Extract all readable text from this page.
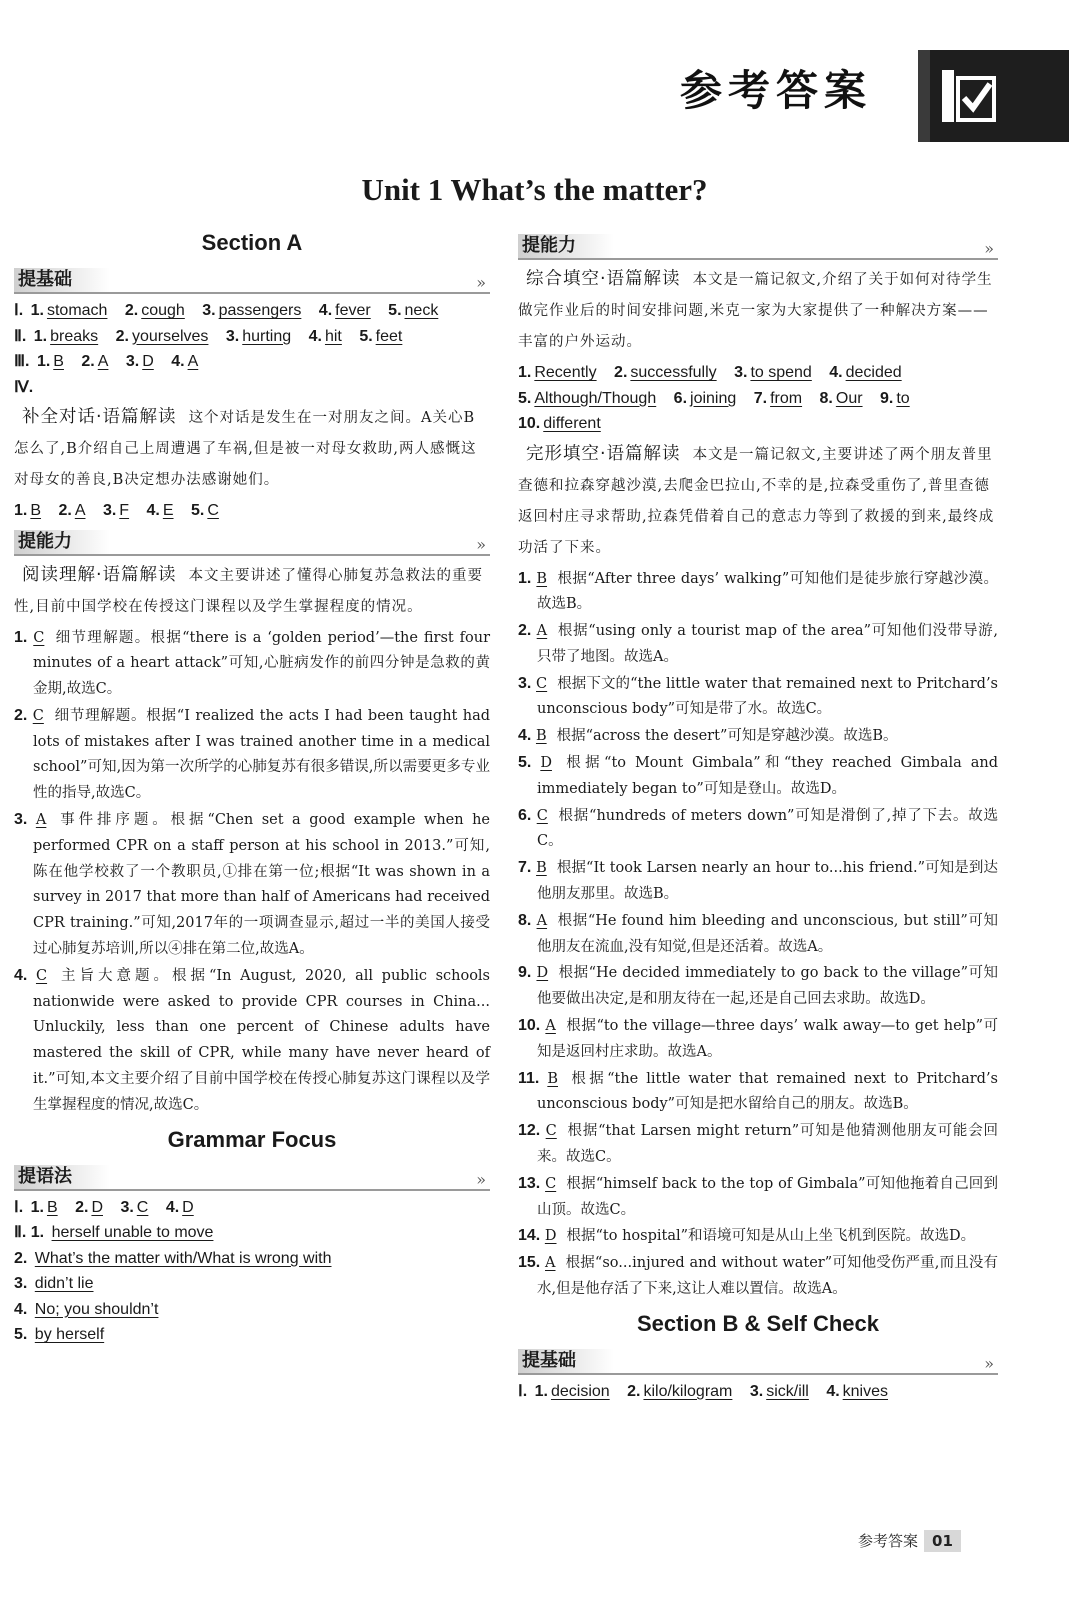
参考答案
Unit 1 What’s the matter?
Section A
提基础	»
Ⅰ. 1. stomach 2. cough 3. passengers 4. fever 5. neck
Ⅱ. 1. breaks 2. yourselves 3. hurting 4. hit 5. feet
Ⅲ. 1. B 2. A 3. D 4. A
Ⅳ.
补全对话·语篇解读 这个对话是发生在一对朋友之间。A关心B怎么了,B介绍自己上周遭遇了车祸,但是被一对母女救助,两人感慨这对母女的善良,B决定想办法感谢她们。
1. B 2. A 3. F 4. E 5. C
提能力	»
阅读理解·语篇解读 本文主要讲述了懂得心肺复苏急救法的重要性,目前中国学校在传授这门课程以及学生掌握程度的情况。
1. C 细节理解题。根据“there is a ‘golden period’—the first four minutes of a heart attack”可知,心脏病发作的前四分钟是急救的黄金期,故选C。
2. C 细节理解题。根据“I realized the acts I had been taught had lots of mistakes after I was trained another time in a medical school”可知,因为第一次所学的心肺复苏有很多错误,所以需要更多专业性的指导,故选C。
3. A 事件排序题。根据“Chen set a good example when he performed CPR on a staff person at his school in 2013.”可知,陈在他学校救了一个教职员,①排在第一位;根据“It was shown in a survey in 2017 that more than half of Americans had received CPR training.”可知,2017年的一项调查显示,超过一半的美国人接受过心肺复苏培训,所以④排在第二位,故选A。
4. C 主旨大意题。根据“In August, 2020, all public schools nationwide were asked to provide CPR courses in China... Unluckily, less than one percent of Chinese adults have mastered the skill of CPR, while many have never heard of it.”可知,本文主要介绍了目前中国学校在传授心肺复苏这门课程以及学生掌握程度的情况,故选C。
Grammar Focus
提语法	»
Ⅰ. 1. B 2. D 3. C 4. D
Ⅱ. 1. herself unable to move
2. What’s the matter with/What is wrong with
3. didn’t lie
4. No; you shouldn’t
5. by herself
提能力	»
综合填空·语篇解读 本文是一篇记叙文,介绍了关于如何对待学生做完作业后的时间安排问题,米克一家为大家提供了一种解决方案——丰富的户外运动。
1. Recently 2. successfully 3. to spend 4. decided
5. Although/Though 6. joining 7. from 8. Our 9. to
10. different
完形填空·语篇解读 本文是一篇记叙文,主要讲述了两个朋友普里查德和拉森穿越沙漠,去爬金巴拉山,不幸的是,拉森受重伤了,普里查德返回村庄寻求帮助,拉森凭借着自己的意志力等到了救援的到来,最终成功活了下来。
1. B 根据“After three days’ walking”可知他们是徒步旅行穿越沙漠。故选B。
2. A 根据“using only a tourist map of the area”可知他们没带导游,只带了地图。故选A。
3. C 根据下文的“the little water that remained next to Pritchard’s unconscious body”可知是带了水。故选C。
4. B 根据“across the desert”可知是穿越沙漠。故选B。
5. D 根据“to Mount Gimbala”和“they reached Gimbala and immediately began to”可知是登山。故选D。
6. C 根据“hundreds of meters down”可知是滑倒了,掉了下去。故选C。
7. B 根据“It took Larsen nearly an hour to...his friend.”可知是到达他朋友那里。故选B。
8. A 根据“He found him bleeding and unconscious, but still”可知他朋友在流血,没有知觉,但是还活着。故选A。
9. D 根据“He decided immediately to go back to the village”可知他要做出决定,是和朋友待在一起,还是自己回去求助。故选D。
10. A 根据“to the village—three days’ walk away—to get help”可知是返回村庄求助。故选A。
11. B 根据“the little water that remained next to Pritchard’s unconscious body”可知是把水留给自己的朋友。故选B。
12. C 根据“that Larsen might return”可知是他猜测他朋友可能会回来。故选C。
13. C 根据“himself back to the top of Gimbala”可知他拖着自己回到山顶。故选C。
14. D 根据“to hospital”和语境可知是从山上坐飞机到医院。故选D。
15. A 根据“so...injured and without water”可知他受伤严重,而且没有水,但是他存活了下来,这让人难以置信。故选A。
Section B & Self Check
提基础	»
Ⅰ. 1. decision 2. kilo/kilogram 3. sick/ill 4. knives
参考答案 01
